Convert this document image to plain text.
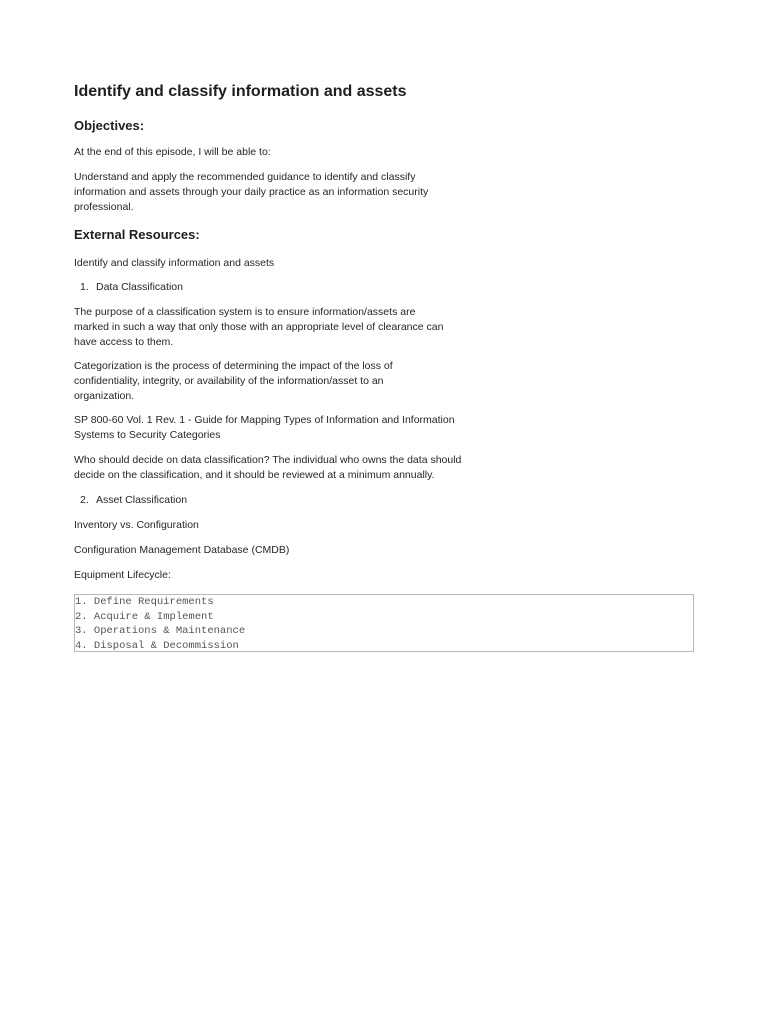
Identify and classify information and assets
Objectives:

At the end of this episode, I will be able to:

Understand and apply the recommended guidance to identify and classify
information and assets through your daily practice as an information security
professional.

External Resources:

Identify and classify information and assets

1. Data Classification

The purpose of a classification system is to ensure information/assets are
marked in such a way that only those with an appropriate level of clearance can
have access to them.

Categorization is the process of determining the impact of the loss of
confidentiality, integrity, or availability of the information/asset to an
organization.

SP 800-60 Vol. 1 Rev. 1 - Guide for Mapping Types of Information and Information
Systems to Security Categories

Who should decide on data classification? The individual who owns the data should
decide on the classification, and it should be reviewed at a minimum annually.

2. Asset Classification

Inventory vs. Configuration

Configuration Management Database (CMDB)

Equipment Lifecycle:

1. Define Requirements
2. Acquire & Implement
3. Operations & Maintenance
4. Disposal & Decommission
